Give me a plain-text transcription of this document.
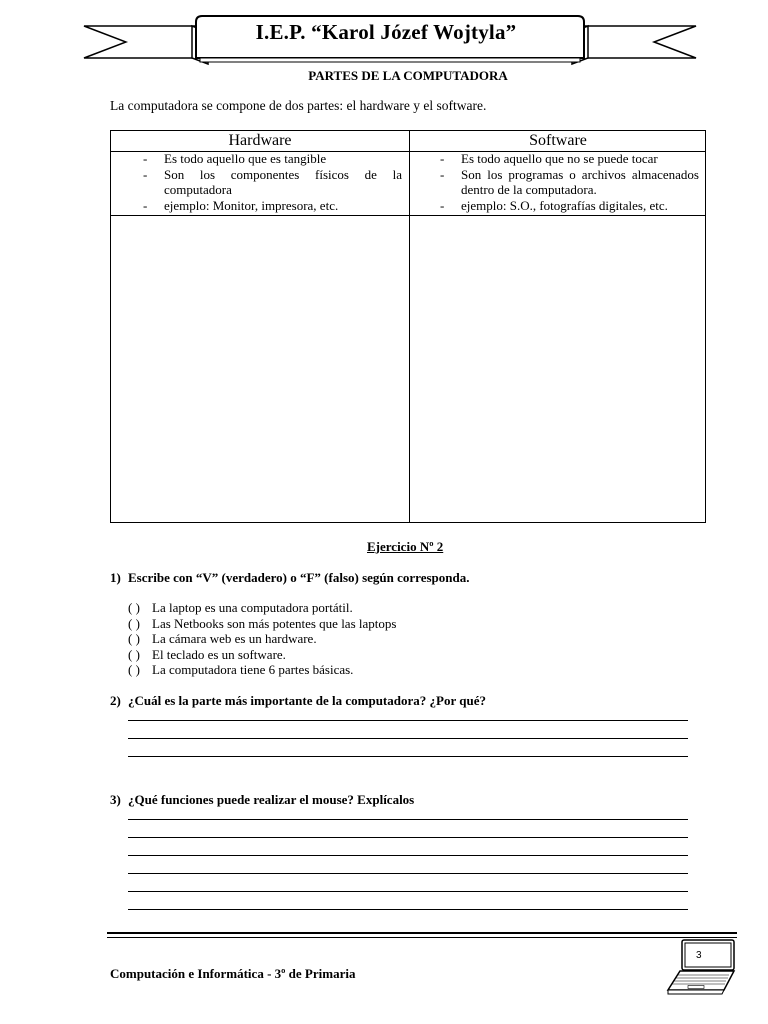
I.E.P. “Karol Józef Wojtyla”
PARTES DE LA COMPUTADORA
La computadora se compone de dos partes: el hardware y el software.
Hardware	Software
- Es todo aquello que es tangible
- Son los componentes físicos de la computadora
- ejemplo: Monitor, impresora, etc.
- Es todo aquello que no se puede tocar
- Son los programas o archivos almacenados dentro de la computadora.
- ejemplo: S.O., fotografías digitales, etc.
Ejercicio Nº 2
1) Escribe con “V” (verdadero) o “F” (falso) según corresponda.
( ) La laptop es una computadora portátil.
( ) Las Netbooks son más potentes que las laptops
( ) La cámara web es un hardware.
( ) El teclado es un software.
( ) La computadora tiene 6 partes básicas.
2) ¿Cuál es la parte más importante de la computadora? ¿Por qué?
3) ¿Qué funciones puede realizar el mouse? Explícalos
Computación e Informática - 3º de Primaria
3
